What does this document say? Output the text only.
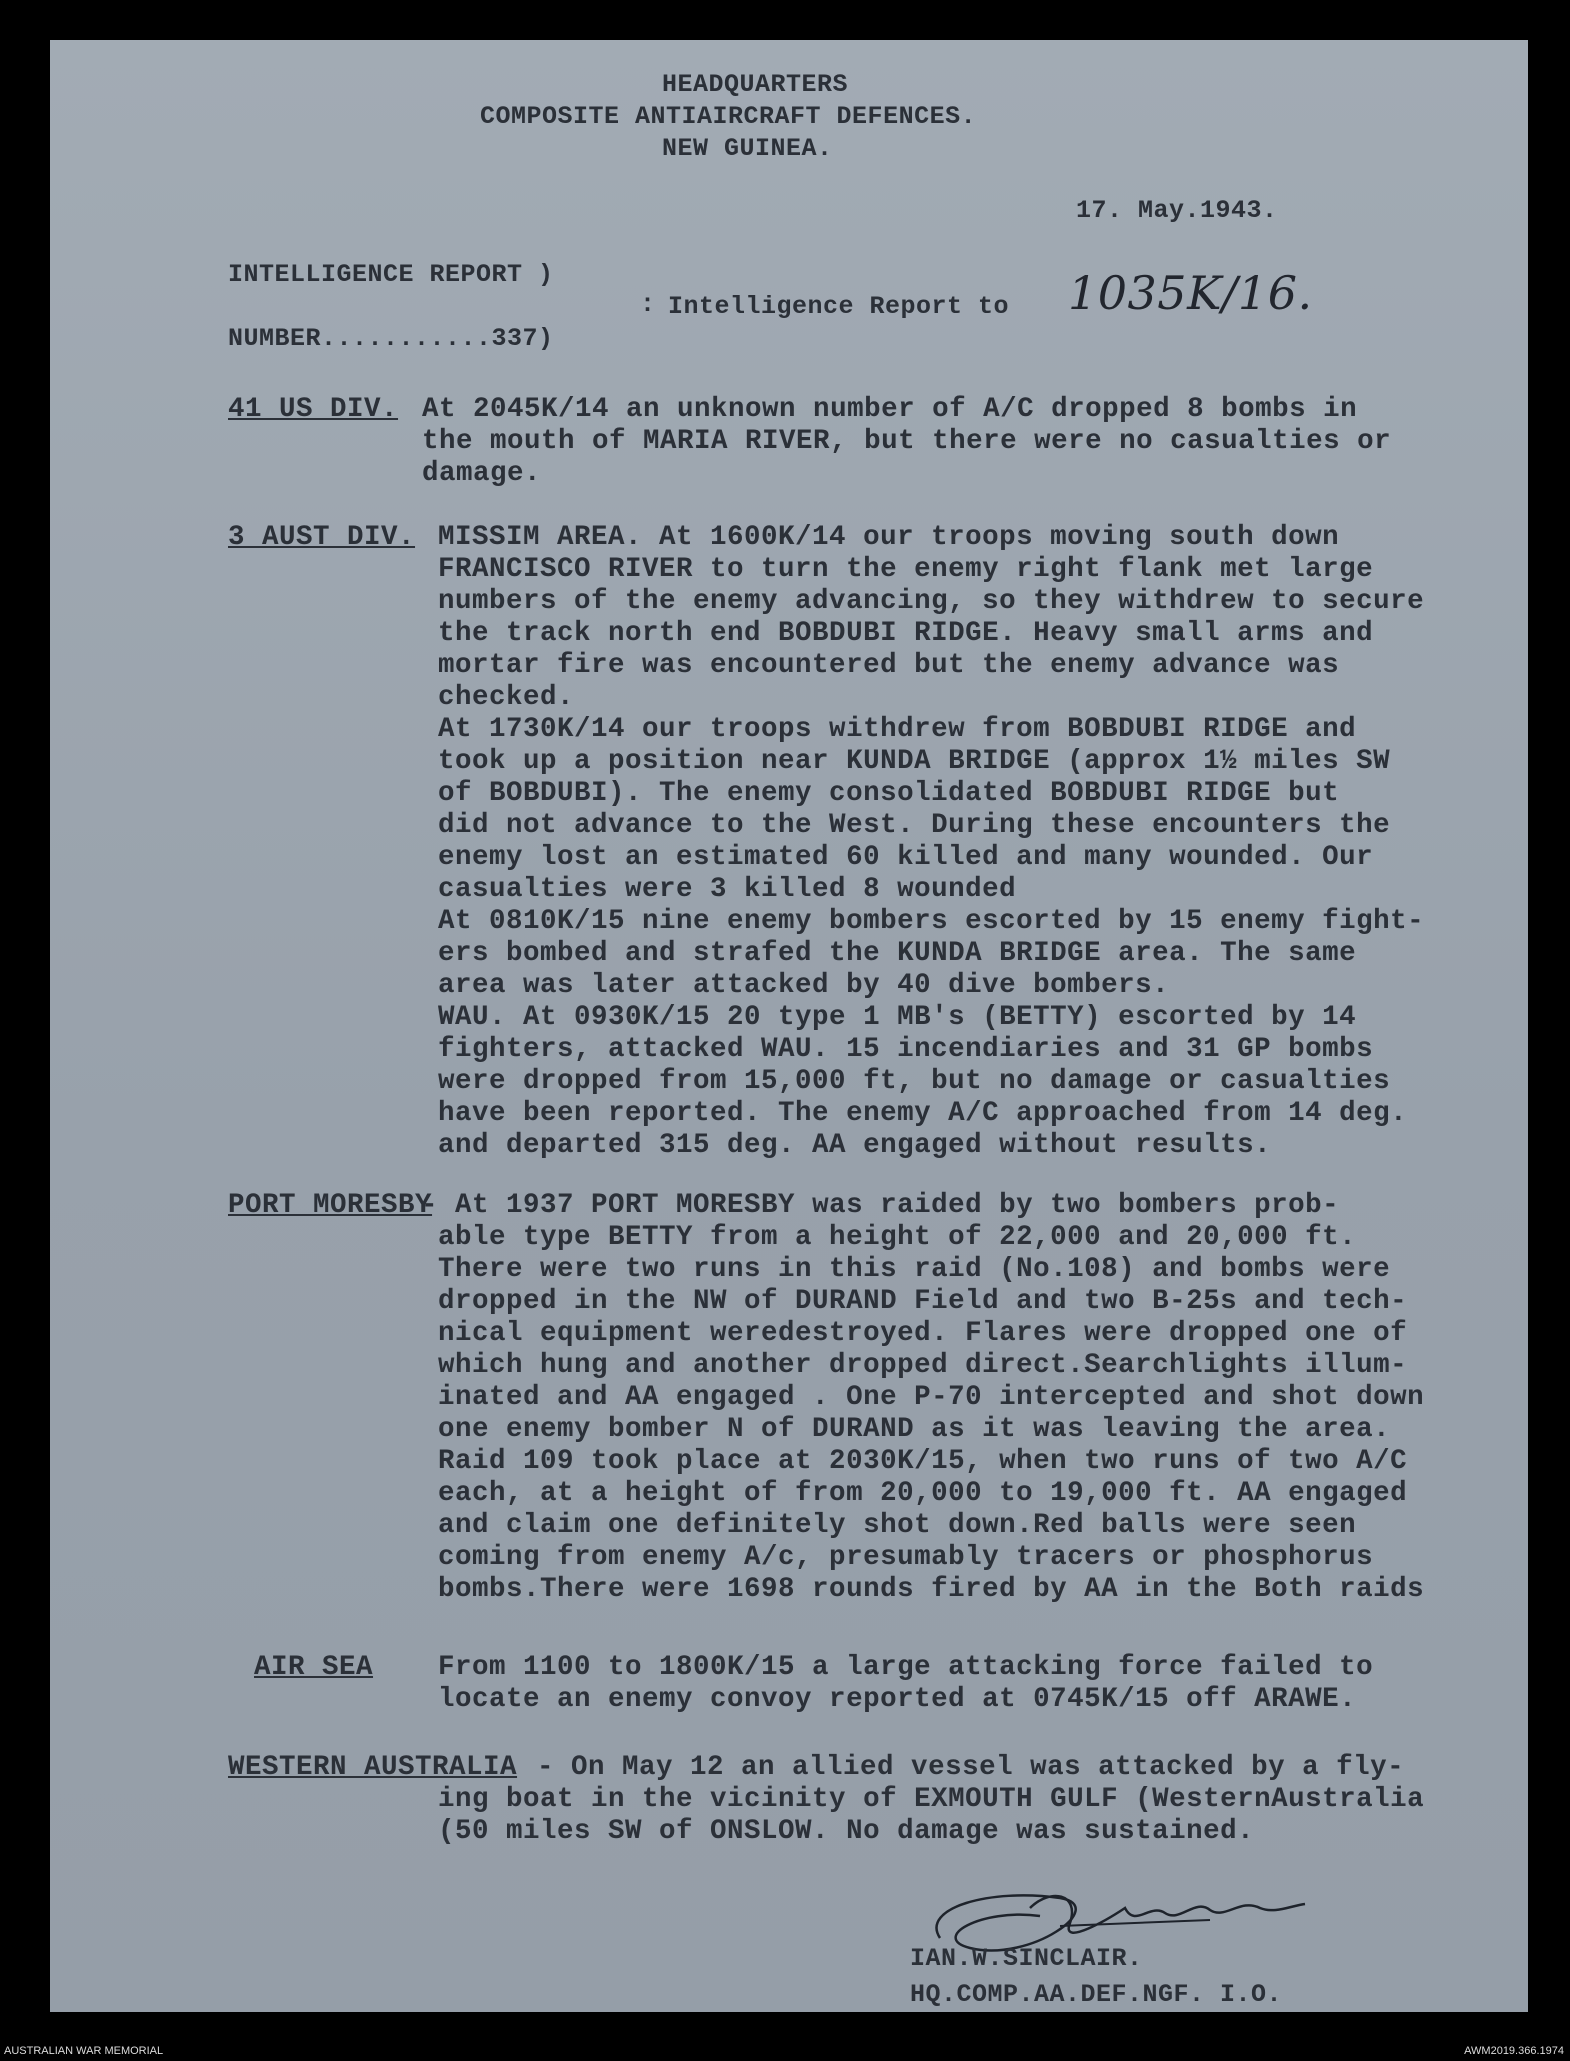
HEADQUARTERS
COMPOSITE ANTIAIRCRAFT DEFENCES.
NEW GUINEA.
17. May.1943.
INTELLIGENCE REPORT )
: Intelligence Report to 1035K/16.
NUMBER...........337)
41 US DIV. At 2045K/14 an unknown number of A/C dropped 8 bombs in
the mouth of MARIA RIVER, but there were no casualties or
damage.
3 AUST DIV. MISSIM AREA. At 1600K/14 our troops moving south down
FRANCISCO RIVER to turn the enemy right flank met large
numbers of the enemy advancing, so they withdrew to secure
the track north end BOBDUBI RIDGE. Heavy small arms and
mortar fire was encountered but the enemy advance was
checked.
At 1730K/14 our troops withdrew from BOBDUBI RIDGE and
took up a position near KUNDA BRIDGE (approx 1½ miles SW
of BOBDUBI). The enemy consolidated BOBDUBI RIDGE but
did not advance to the West. During these encounters the
enemy lost an estimated 60 killed and many wounded. Our
casualties were 3 killed 8 wounded
At 0810K/15 nine enemy bombers escorted by 15 enemy fight-
ers bombed and strafed the KUNDA BRIDGE area. The same
area was later attacked by 40 dive bombers.
WAU. At 0930K/15 20 type 1 MB's (BETTY) escorted by 14
fighters, attacked WAU. 15 incendiaries and 31 GP bombs
were dropped from 15,000 ft, but no damage or casualties
have been reported. The enemy A/C approached from 14 deg.
and departed 315 deg. AA engaged without results.
PORT MORESBY
- At 1937 PORT MORESBY was raided by two bombers prob-
able type BETTY from a height of 22,000 and 20,000 ft.
There were two runs in this raid (No.108) and bombs were
dropped in the NW of DURAND Field and two B-25s and tech-
nical equipment weredestroyed. Flares were dropped one of
which hung and another dropped direct.Searchlights illum-
inated and AA engaged . One P-70 intercepted and shot down
one enemy bomber N of DURAND as it was leaving the area.
Raid 109 took place at 2030K/15, when two runs of two A/C
each, at a height of from 20,000 to 19,000 ft. AA engaged
and claim one definitely shot down.Red balls were seen
coming from enemy A/c, presumably tracers or phosphorus
bombs.There were 1698 rounds fired by AA in the Both raids
AIR SEA From 1100 to 1800K/15 a large attacking force failed to
locate an enemy convoy reported at 0745K/15 off ARAWE.
WESTERN AUSTRALIA - On May 12 an allied vessel was attacked by a fly-
ing boat in the vicinity of EXMOUTH GULF (WesternAustralia
(50 miles SW of ONSLOW. No damage was sustained.
IAN.W.SINCLAIR.
HQ.COMP.AA.DEF.NGF. I.O.
AUSTRALIAN WAR MEMORIAL	AWM2019.366.1974
